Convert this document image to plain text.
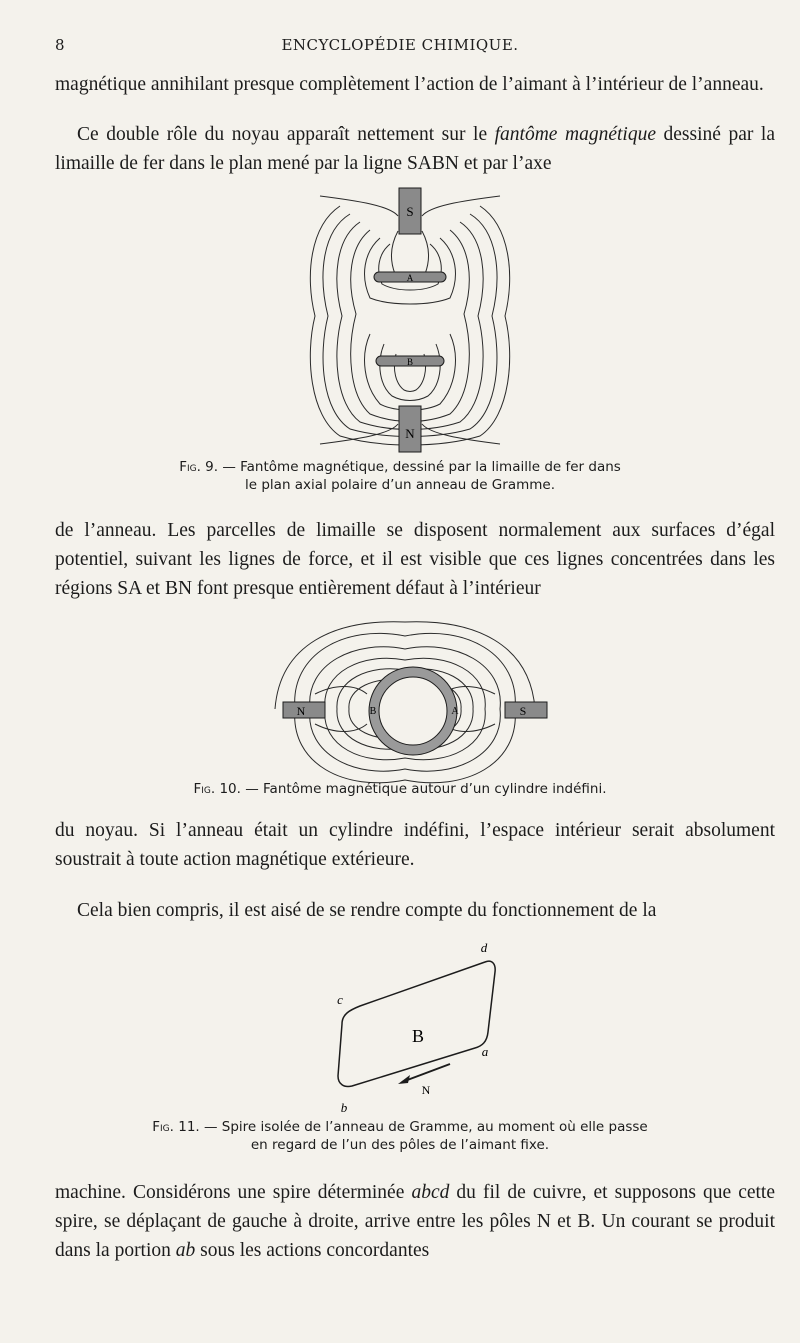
8	ENCYCLOPÉDIE CHIMIQUE.
magnétique annihilant presque complètement l’action de l’aimant à l’intérieur de l’anneau.
Ce double rôle du noyau apparaît nettement sur le fantôme magnétique dessiné par la limaille de fer dans le plan mené par la ligne SABN et par l’axe
S
A
B
N
Fig. 9. — Fantôme magnétique, dessiné par la limaille de fer dans
le plan axial polaire d’un anneau de Gramme.
de l’anneau. Les parcelles de limaille se disposent normalement aux surfaces d’égal potentiel, suivant les lignes de force, et il est visible que ces lignes concentrées dans les régions SA et BN font presque entièrement défaut à l’intérieur
N	B	A	S
Fig. 10. — Fantôme magnétique autour d’un cylindre indéfini.
du noyau. Si l’anneau était un cylindre indéfini, l’espace intérieur serait absolument soustrait à toute action magnétique extérieure.
Cela bien compris, il est aisé de se rendre compte du fonctionnement de la
d
c
B
a
N
b
Fig. 11. — Spire isolée de l’anneau de Gramme, au moment où elle passe
en regard de l’un des pôles de l’aimant fixe.
machine. Considérons une spire déterminée abcd du fil de cuivre, et supposons que cette spire, se déplaçant de gauche à droite, arrive entre les pôles N et B. Un courant se produit dans la portion ab sous les actions concordantes
